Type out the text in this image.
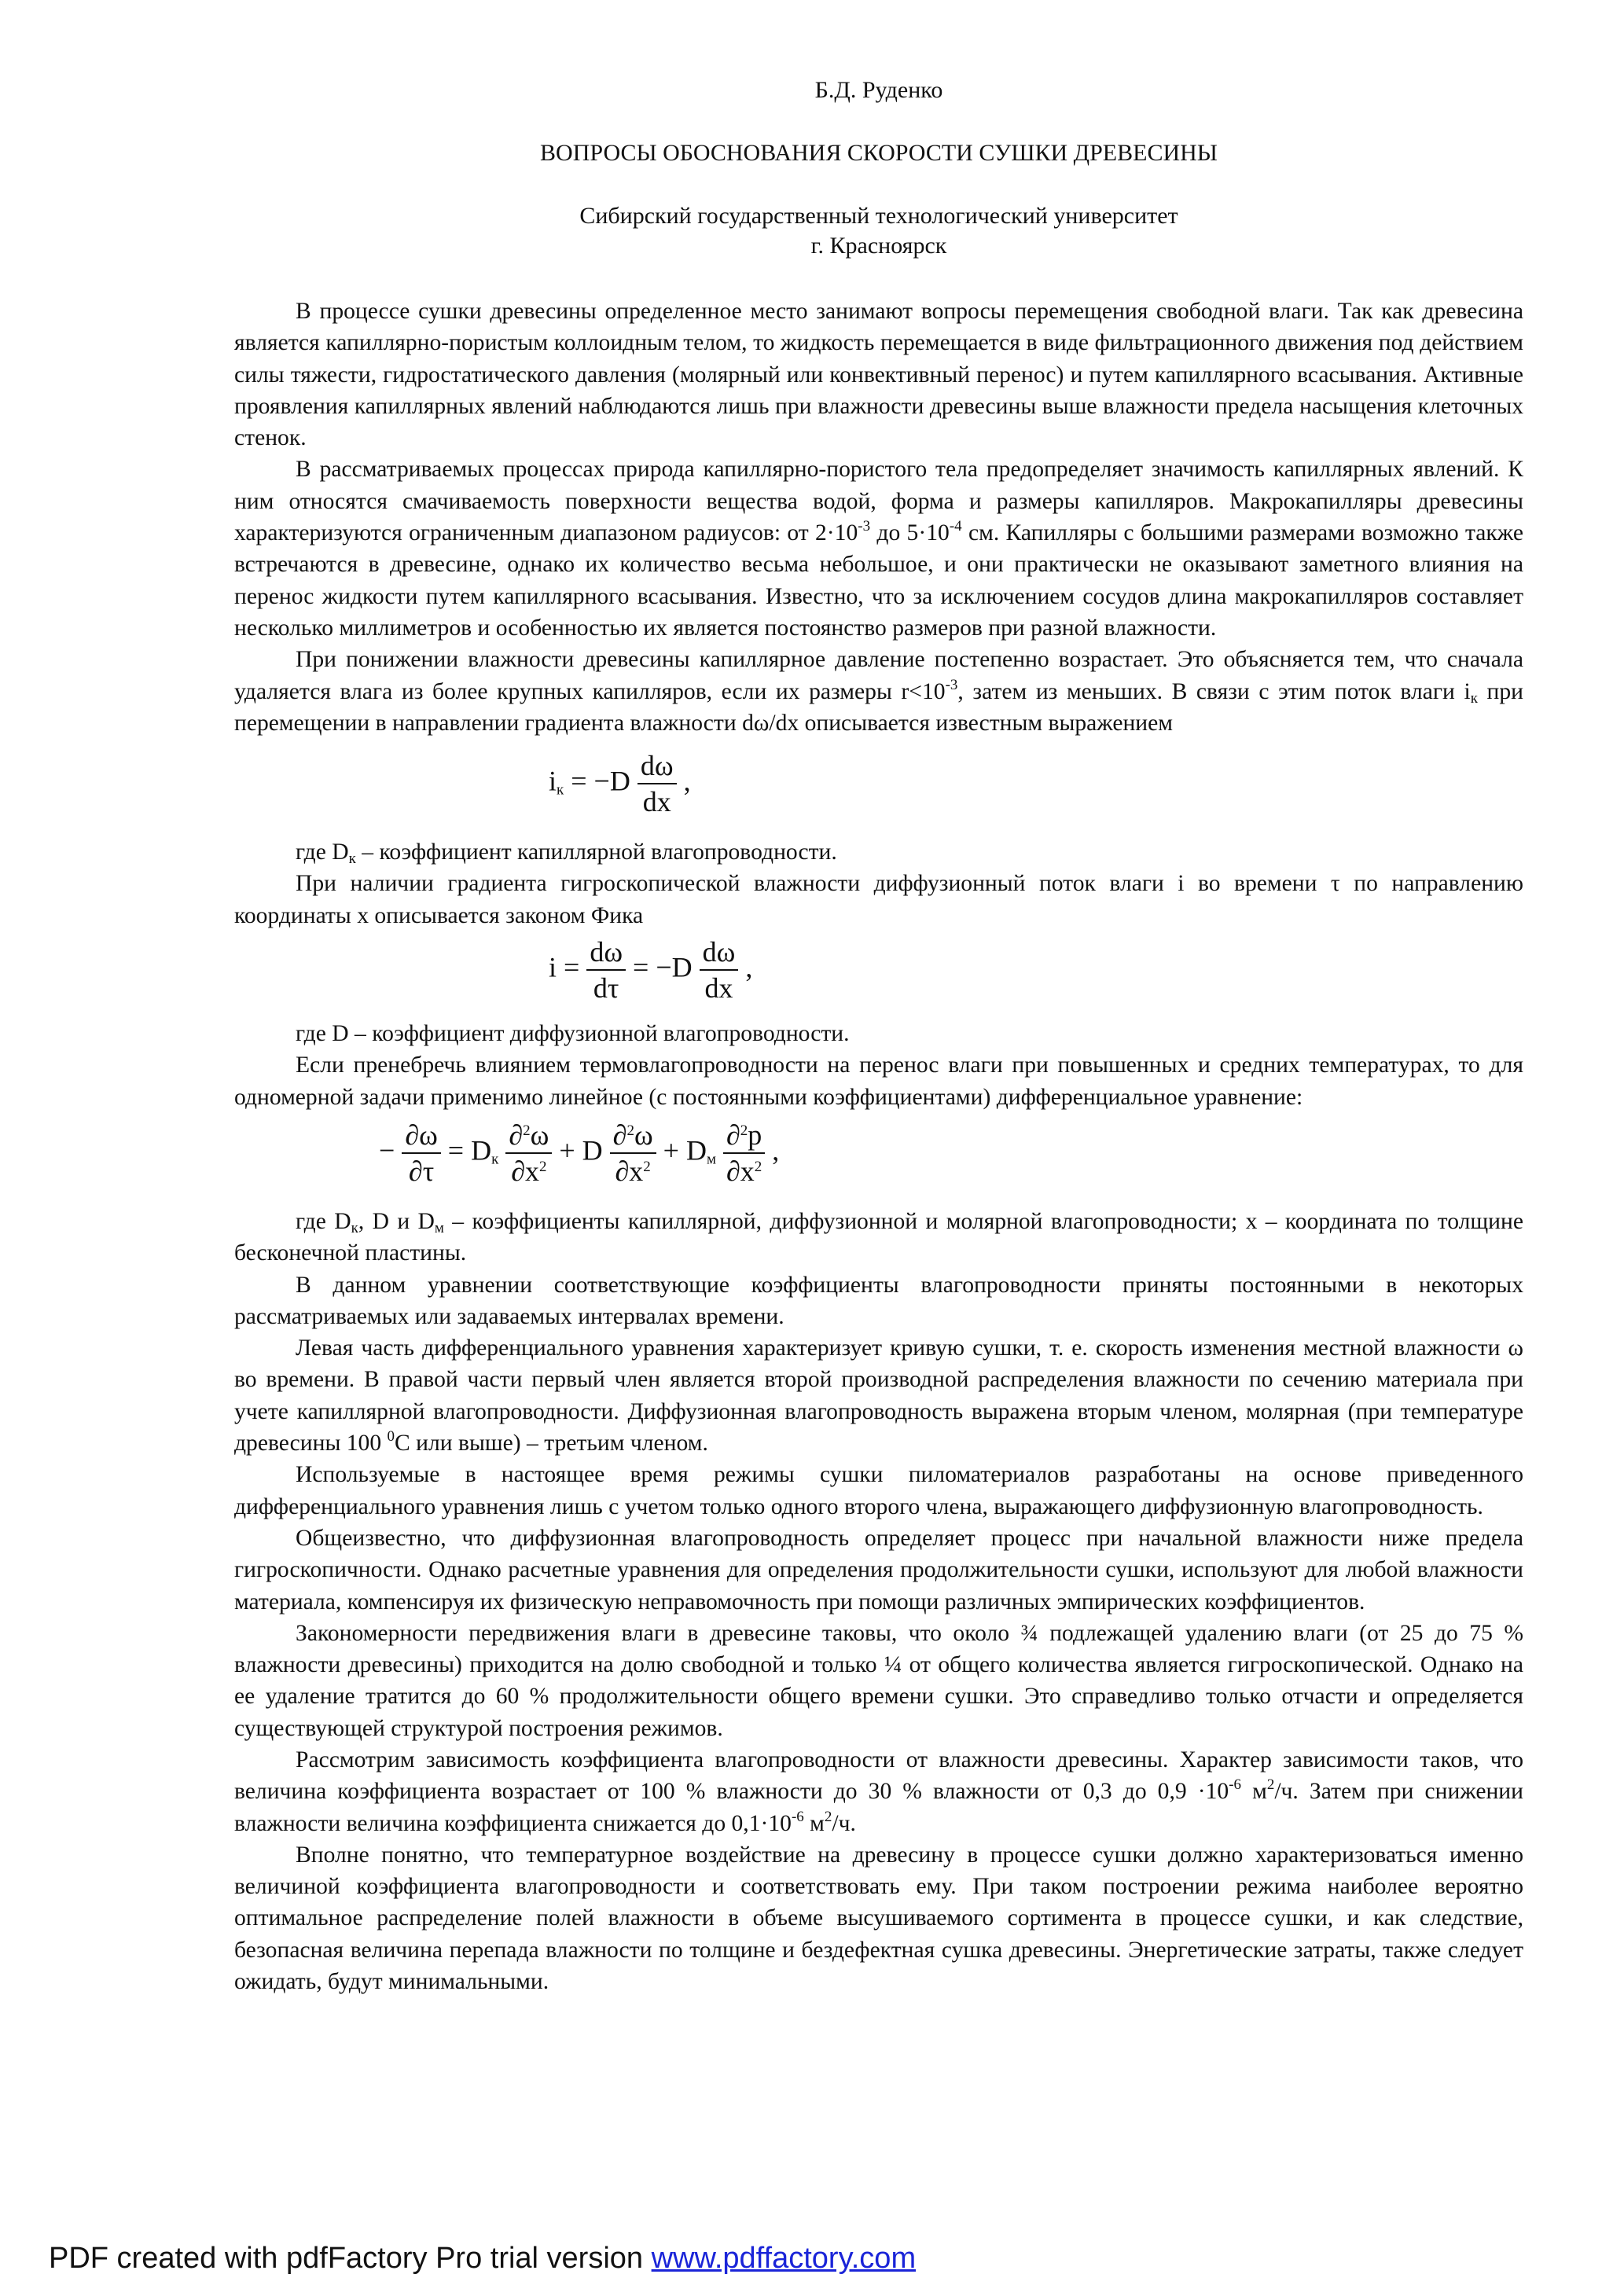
Б.Д. Руденко
ВОПРОСЫ ОБОСНОВАНИЯ СКОРОСТИ СУШКИ ДРЕВЕСИНЫ
Сибирский государственный технологический университет
г. Красноярск

В процессе сушки древесины определенное место занимают вопросы перемещения свободной влаги. Так как древесина является капиллярно-пористым коллоидным телом, то жидкость перемещается в виде фильтрационного движения под действием силы тяжести, гидростатического давления (молярный или конвективный перенос) и путем капиллярного всасывания. Активные проявления капиллярных явлений наблюдаются лишь при влажности древесины выше влажности предела насыщения клеточных стенок.

В рассматриваемых процессах природа капиллярно-пористого тела предопределяет значимость капиллярных явлений. К ним относятся смачиваемость поверхности вещества водой, форма и размеры капилляров. Макрокапилляры древесины характеризуются ограниченным диапазоном радиусов: от $2\cdot 10^{-3}$ до $5\cdot 10^{-4}$ см. Капилляры с большими размерами возможно также встречаются в древесине, однако их количество весьма небольшое, и они практически не оказывают заметного влияния на перенос жидкости путем капиллярного всасывания. Известно, что за исключением сосудов длина макрокапилляров составляет несколько миллиметров и особенностью их является постоянство размеров при разной влажности.

При понижении влажности древесины капиллярное давление постепенно возрастает. Это объясняется тем, что сначала удаляется влага из более крупных капилляров, если их размеры $r<10^{-3}$, затем из меньших. В связи с этим поток влаги $i_к$ при перемещении в направлении градиента влажности dω/dx описывается известным выражением

$i_к = -D \frac{d\omega}{dx}$ ,

где $D_к$ – коэффициент капиллярной влагопроводности.

При наличии градиента гигроскопической влажности диффузионный поток влаги i во времени τ по направлению координаты x описывается законом Фика

$i = \frac{d\omega}{d\tau} = -D \frac{d\omega}{dx}$ ,

где D – коэффициент диффузионной влагопроводности.

Если пренебречь влиянием термовлагопроводности на перенос влаги при повышенных и средних температурах, то для одномерной задачи применимо линейное (с постоянными коэффициентами) дифференциальное уравнение:

− $\frac{\partial\omega}{\partial\tau} = D_к \frac{\partial^2\omega}{\partial x^2} + D \frac{\partial^2\omega}{\partial x^2} + D_м \frac{\partial^2p}{\partial x^2}$ ,

где $D_к$, D и $D_м$ – коэффициенты капиллярной, диффузионной и молярной влагопроводности; x – координата по толщине бесконечной пластины.

В данном уравнении соответствующие коэффициенты влагопроводности приняты постоянными в некоторых рассматриваемых или задаваемых интервалах времени.

Левая часть дифференциального уравнения характеризует кривую сушки, т. е. скорость изменения местной влажности ω во времени. В правой части первый член является второй производной распределения влажности по сечению материала при учете капиллярной влагопроводности. Диффузионная влагопроводность выражена вторым членом, молярная (при температуре древесины 100 $^0$С или выше) – третьим членом.

Используемые в настоящее время режимы сушки пиломатериалов разработаны на основе приведенного дифференциального уравнения лишь с учетом только одного второго члена, выражающего диффузионную влагопроводность.

Общеизвестно, что диффузионная влагопроводность определяет процесс при начальной влажности ниже предела гигроскопичности. Однако расчетные уравнения для определения продолжительности сушки, используют для любой влажности материала, компенсируя их физическую неправомочность при помощи различных эмпирических коэффициентов.

Закономерности передвижения влаги в древесине таковы, что около ¾ подлежащей удалению влаги (от 25 до 75 % влажности древесины) приходится на долю свободной и только ¼ от общего количества является гигроскопической. Однако на ее удаление тратится до 60 % продолжительности общего времени сушки. Это справедливо только отчасти и определяется существующей структурой построения режимов.

Рассмотрим зависимость коэффициента влагопроводности от влажности древесины. Характер зависимости таков, что величина коэффициента возрастает от 100 % влажности до 30 % влажности от 0,3 до $0,9 \cdot 10^{-6}$ $м^2/ч$. Затем при снижении влажности величина коэффициента снижается до $0,1\cdot 10^{-6}$ $м^2/ч$.

Вполне понятно, что температурное воздействие на древесину в процессе сушки должно характеризоваться именно величиной коэффициента влагопроводности и соответствовать ему. При таком построении режима наиболее вероятно оптимальное распределение полей влажности в объеме высушиваемого сортимента в процессе сушки, и как следствие, безопасная величина перепада влажности по толщине и бездефектная сушка древесины. Энергетические затраты, также следует ожидать, будут минимальными.

PDF created with pdfFactory Pro trial version www.pdffactory.com
